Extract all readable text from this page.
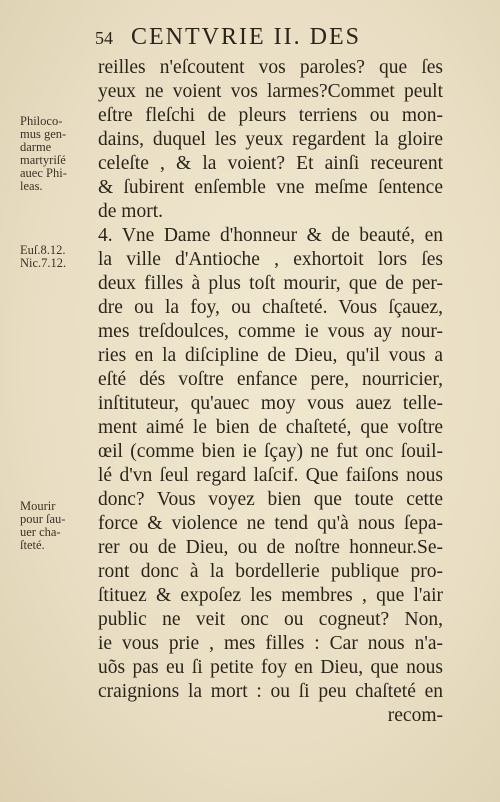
54 CENTVRIE II. DES
reilles n'eſcoutent vos paroles? que ſes
yeux ne voient vos larmes?Commet peult
eſtre fleſchi de pleurs terriens ou mon-
dains, duquel les yeux regardent la gloire
celeſte , & la voient? Et ainſi receurent
& ſubirent enſemble vne meſme ſentence
de mort.
4. Vne Dame d'honneur & de beauté, en
la ville d'Antioche , exhortoit lors ſes
deux filles à plus toſt mourir, que de per-
dre ou la foy, ou chaſteté. Vous ſçauez,
mes treſdoulces, comme ie vous ay nour-
ries en la diſcipline de Dieu, qu'il vous a
eſté dés voſtre enfance pere, nourricier,
inſtituteur, qu'auec moy vous auez telle-
ment aimé le bien de chaſteté, que voſtre
œil (comme bien ie ſçay) ne fut onc ſouil-
lé d'vn ſeul regard laſcif. Que faiſons nous
donc? Vous voyez bien que toute cette
force & violence ne tend qu'à nous ſepa-
rer ou de Dieu, ou de noſtre honneur.Se-
ront donc à la bordellerie publique pro-
ſtituez & expoſez les membres , que l'air
public ne veit onc ou cogneut? Non,
ie vous prie , mes filles : Car nous n'a-
uõs pas eu ſi petite foy en Dieu, que nous
craignions la mort : ou ſi peu chaſteté en
recom-
Philoco-
mus gen-
darme
martyriſé
auec Phi-
leas.
Euſ.8.12.
Nic.7.12.
Mourir
pour ſau-
uer cha-
ſteté.
